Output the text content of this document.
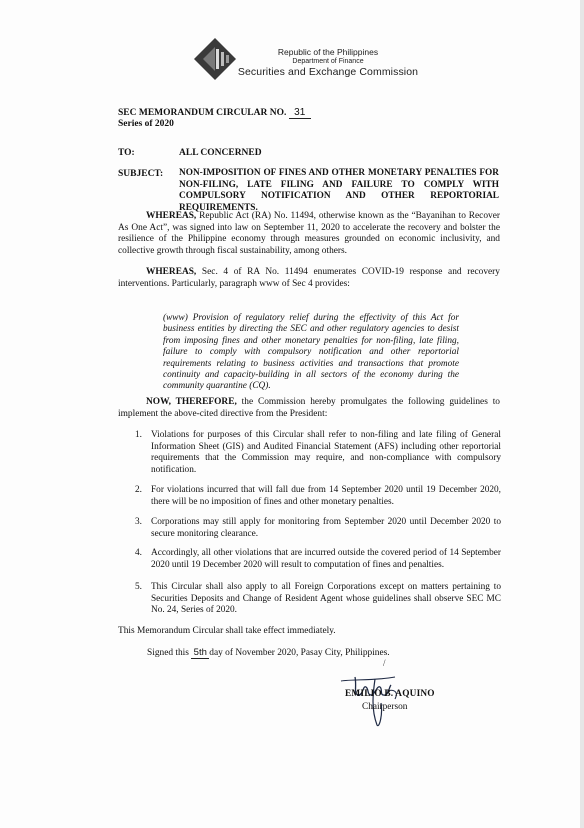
Republic of the Philippines
Department of Finance
Securities and Exchange Commission
SEC MEMORANDUM CIRCULAR NO. 31
Series of 2020
TO:	ALL CONCERNED
SUBJECT: NON-IMPOSITION OF FINES AND OTHER MONETARY PENALTIES FOR NON-FILING, LATE FILING AND FAILURE TO COMPLY WITH COMPULSORY NOTIFICATION AND OTHER REPORTORIAL REQUIREMENTS.
WHEREAS, Republic Act (RA) No. 11494, otherwise known as the “Bayanihan to Recover As One Act”, was signed into law on September 11, 2020 to accelerate the recovery and bolster the resilience of the Philippine economy through measures grounded on economic inclusivity, and collective growth through fiscal sustainability, among others.
WHEREAS, Sec. 4 of RA No. 11494 enumerates COVID-19 response and recovery interventions. Particularly, paragraph www of Sec 4 provides:
(www) Provision of regulatory relief during the effectivity of this Act for business entities by directing the SEC and other regulatory agencies to desist from imposing fines and other monetary penalties for non-filing, late filing, failure to comply with compulsory notification and other reportorial requirements relating to business activities and transactions that promote continuity and capacity-building in all sectors of the economy during the community quarantine (CQ).
NOW, THEREFORE, the Commission hereby promulgates the following guidelines to implement the above-cited directive from the President:
1. Violations for purposes of this Circular shall refer to non-filing and late filing of General Information Sheet (GIS) and Audited Financial Statement (AFS) including other reportorial requirements that the Commission may require, and non-compliance with compulsory notification.
2. For violations incurred that will fall due from 14 September 2020 until 19 December 2020, there will be no imposition of fines and other monetary penalties.
3. Corporations may still apply for monitoring from September 2020 until December 2020 to secure monitoring clearance.
4. Accordingly, all other violations that are incurred outside the covered period of 14 September 2020 until 19 December 2020 will result to computation of fines and penalties.
5. This Circular shall also apply to all Foreign Corporations except on matters pertaining to Securities Deposits and Change of Resident Agent whose guidelines shall observe SEC MC No. 24, Series of 2020.
This Memorandum Circular shall take effect immediately.
Signed this 5th day of November 2020, Pasay City, Philippines.
/
EMILIO B. AQUINO
Chairperson
